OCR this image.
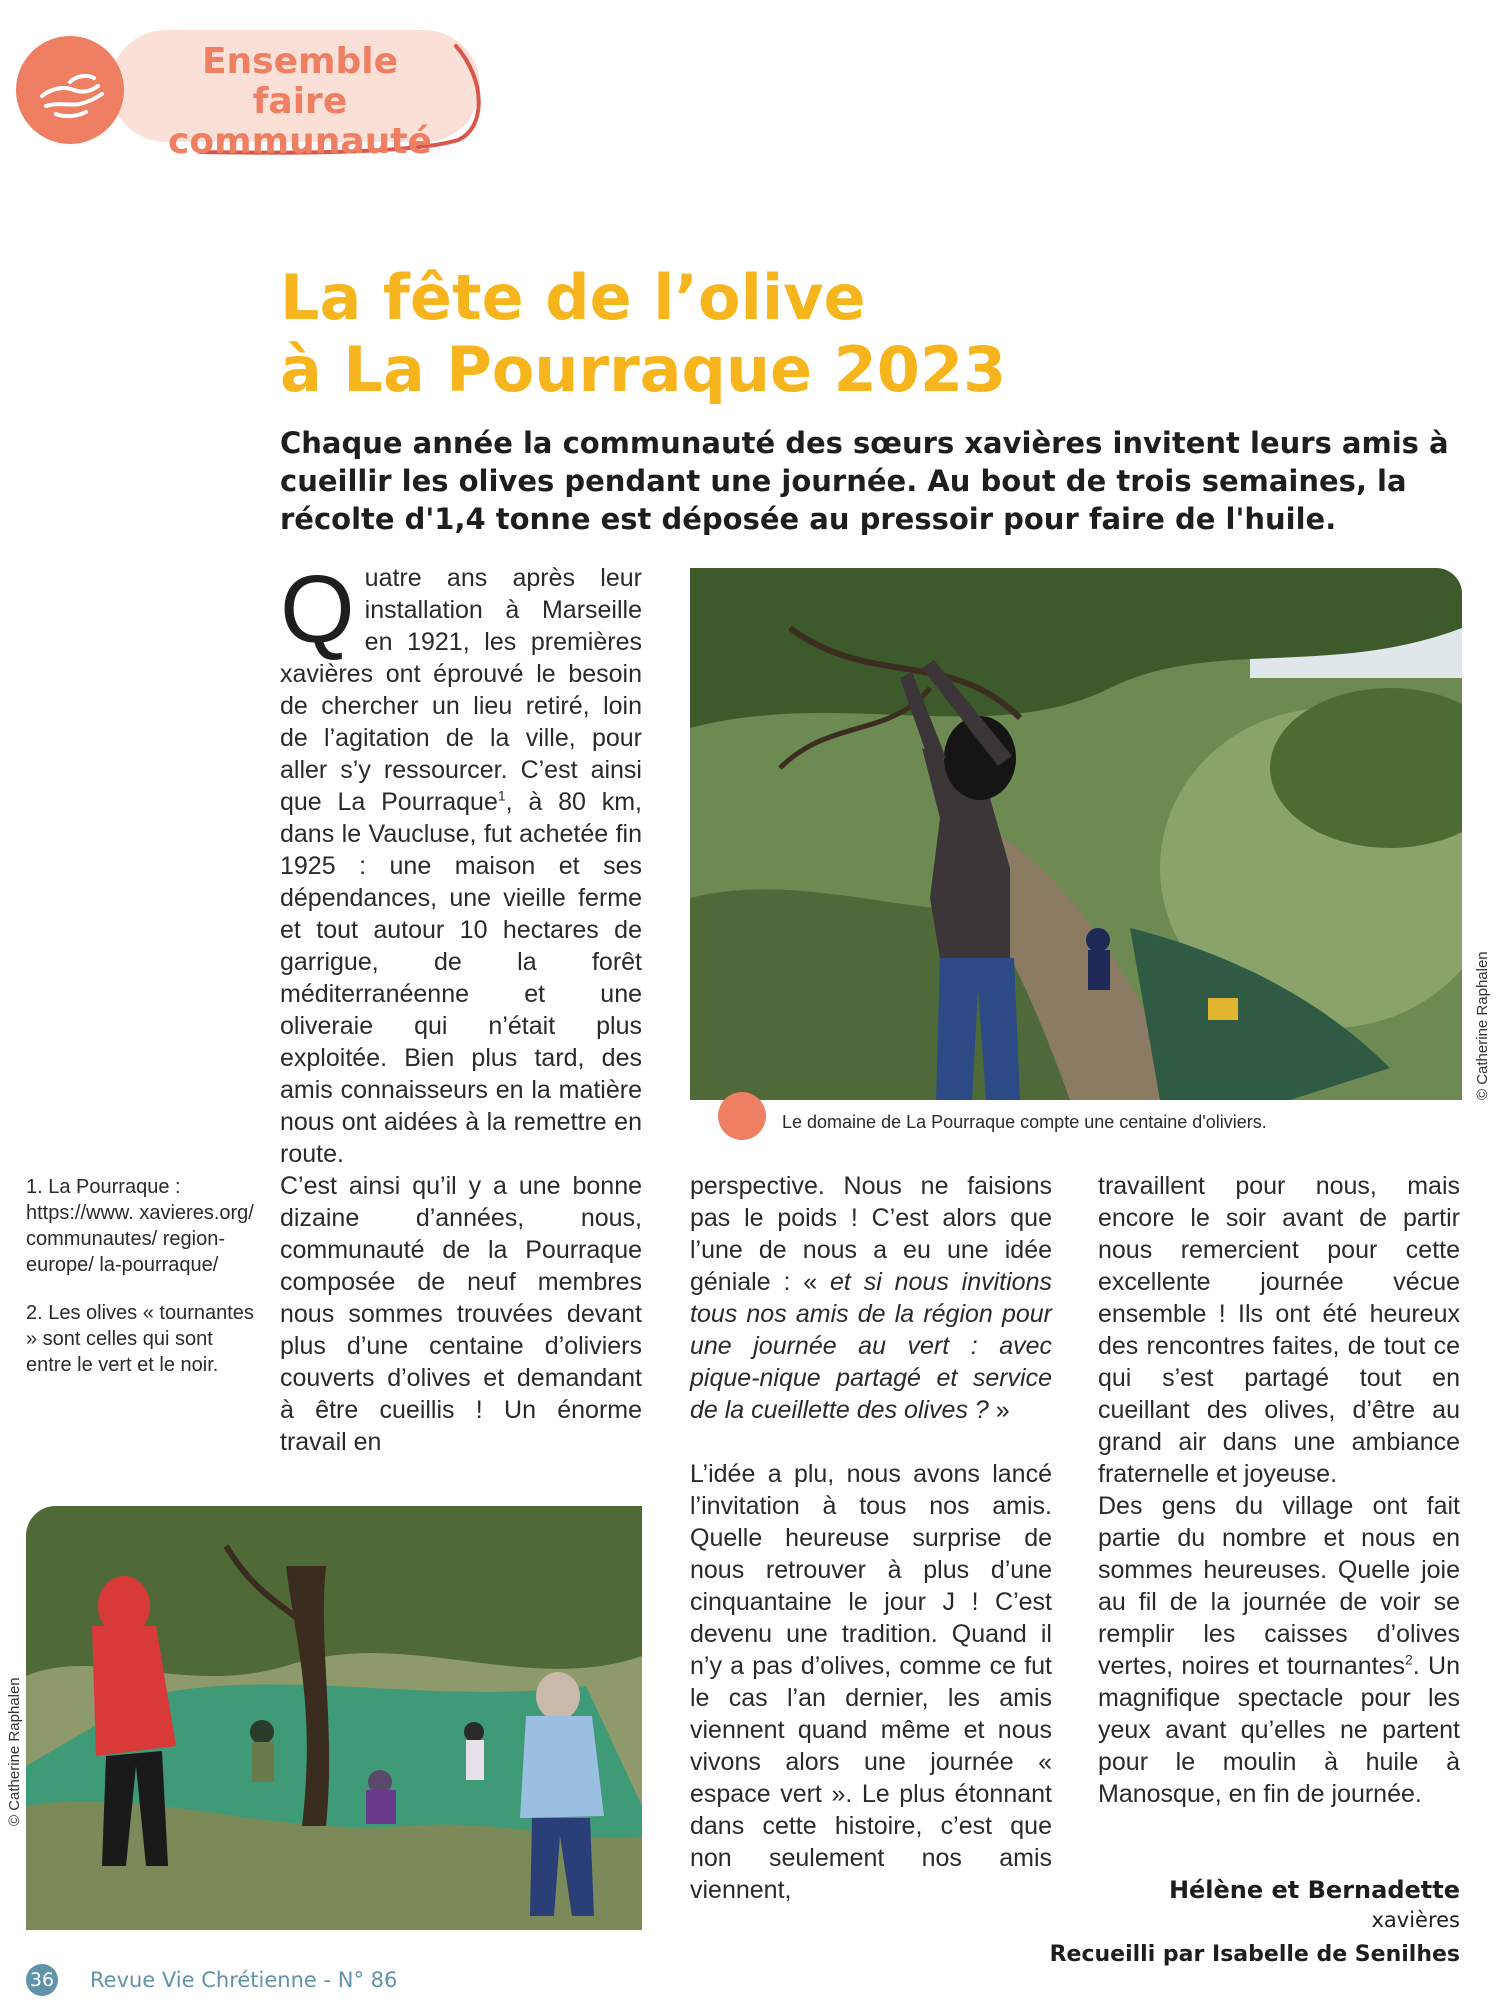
Ensemble faire
communauté
La fête de l’olive
à La Pourraque 2023
Chaque année la communauté des sœurs xavières invitent leurs amis à cueillir les olives pendant une journée. Au bout de trois semaines, la récolte d'1,4 tonne est déposée au pressoir pour faire de l'huile.
Q uatre ans après leur installation à Marseille en 1921, les premières xavières ont éprouvé le besoin de chercher un lieu retiré, loin de l’agitation de la ville, pour aller s’y ressourcer. C’est ainsi que La Pourraque$^1$, à 80 km, dans le Vaucluse, fut achetée fin 1925 : une maison et ses dépendances, une vieille ferme et tout autour 10 hectares de garrigue, de la forêt méditerranéenne et une oliveraie qui n’était plus exploitée. Bien plus tard, des amis connaisseurs en la matière nous ont aidées à la remettre en route.
C’est ainsi qu’il y a une bonne dizaine d’années, nous, communauté de la Pourraque composée de neuf membres nous sommes trouvées devant plus d’une centaine d’oliviers couverts d’olives et demandant à être cueillis ! Un énorme travail en
© Catherine Raphalen
Le domaine de La Pourraque compte une centaine d'oliviers.

1. La Pourraque : https://www. xavieres.org/ communautes/ region-europe/ la-pourraque/

2. Les olives « tournantes » sont celles qui sont entre le vert et le noir.

perspective. Nous ne faisions pas le poids ! C’est alors que l’une de nous a eu une idée géniale : « et si nous invitions tous nos amis de la région pour une journée au vert : avec pique-nique partagé et service de la cueillette des olives ? »
L’idée a plu, nous avons lancé l’invitation à tous nos amis. Quelle heureuse surprise de nous retrouver à plus d’une cinquantaine le jour J ! C’est devenu une tradition. Quand il n’y a pas d’olives, comme ce fut le cas l’an dernier, les amis viennent quand même et nous vivons alors une journée « espace vert ». Le plus étonnant dans cette histoire, c’est que non seulement nos amis viennent,
travaillent pour nous, mais encore le soir avant de partir nous remercient pour cette excellente journée vécue ensemble ! Ils ont été heureux des rencontres faites, de tout ce qui s’est partagé tout en cueillant des olives, d’être au grand air dans une ambiance fraternelle et joyeuse.
Des gens du village ont fait partie du nombre et nous en sommes heureuses. Quelle joie au fil de la journée de voir se remplir les caisses d’olives vertes, noires et tournantes$^2$. Un magnifique spectacle pour les yeux avant qu’elles ne partent pour le moulin à huile à Manosque, en fin de journée.
© Catherine Raphalen
Hélène et Bernadette
xavières
Recueilli par Isabelle de Senilhes
36 Revue Vie Chrétienne - N° 86
